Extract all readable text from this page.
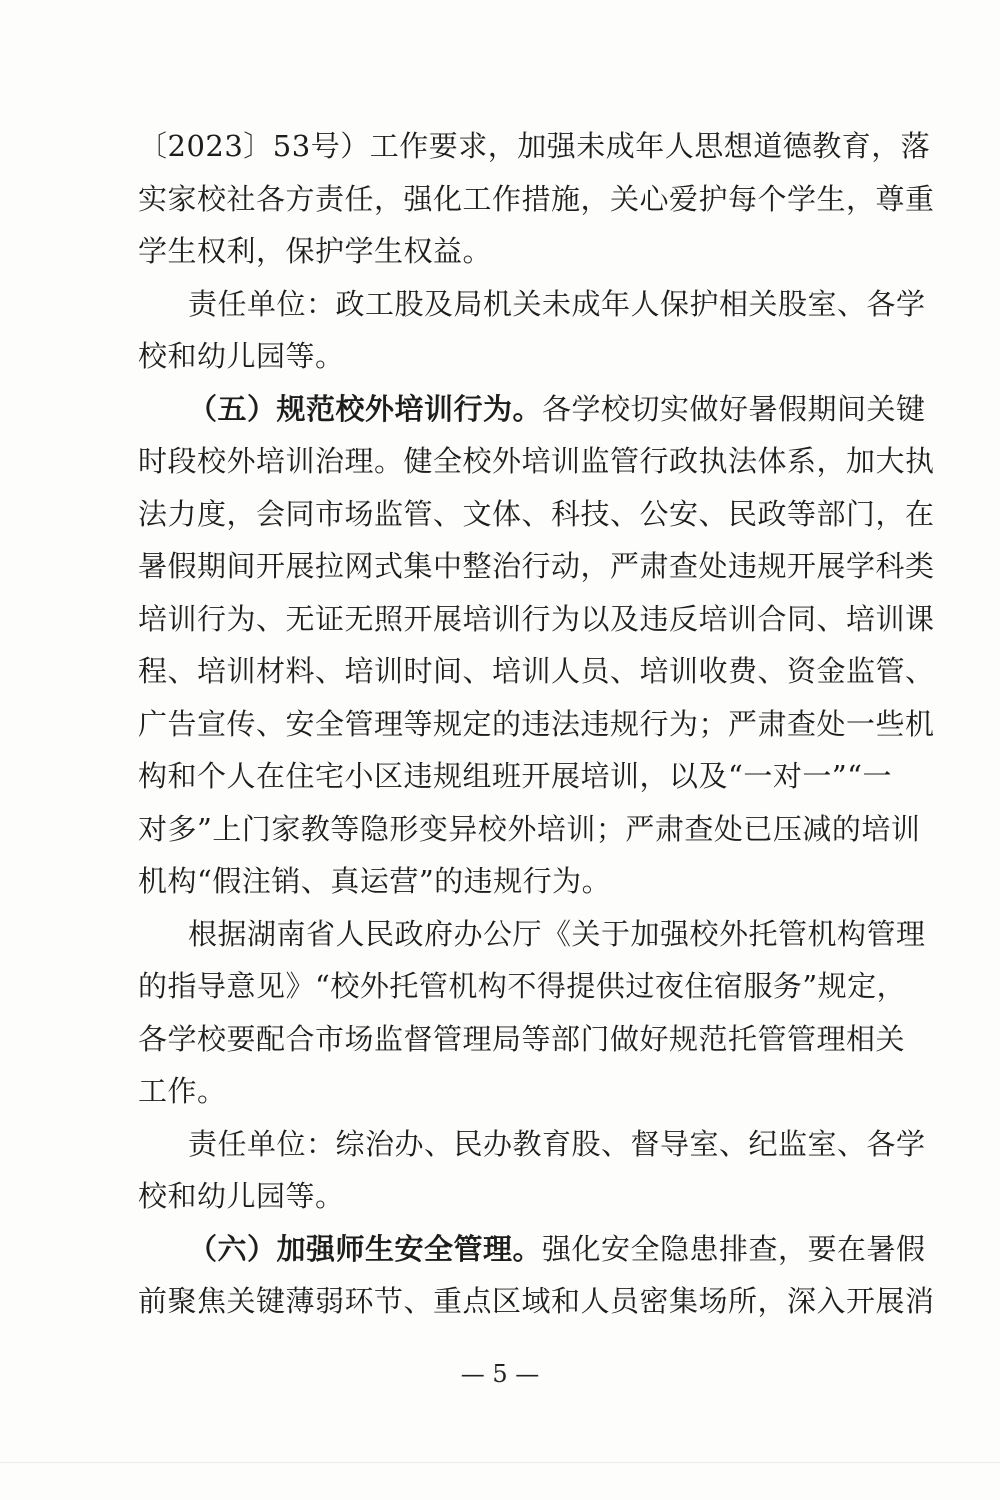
〔2023〕53号）工作要求，加强未成年人思想道德教育，落
实家校社各方责任，强化工作措施，关心爱护每个学生，尊重
学生权利，保护学生权益。
责任单位：政工股及局机关未成年人保护相关股室、各学
校和幼儿园等。
（五）规范校外培训行为。各学校切实做好暑假期间关键
时段校外培训治理。健全校外培训监管行政执法体系，加大执
法力度，会同市场监管、文体、科技、公安、民政等部门，在
暑假期间开展拉网式集中整治行动，严肃查处违规开展学科类
培训行为、无证无照开展培训行为以及违反培训合同、培训课
程、培训材料、培训时间、培训人员、培训收费、资金监管、
广告宣传、安全管理等规定的违法违规行为；严肃查处一些机
构和个人在住宅小区违规组班开展培训，以及“一对一”“一
对多”上门家教等隐形变异校外培训；严肃查处已压减的培训
机构“假注销、真运营”的违规行为。
根据湖南省人民政府办公厅《关于加强校外托管机构管理
的指导意见》“校外托管机构不得提供过夜住宿服务”规定，
各学校要配合市场监督管理局等部门做好规范托管管理相关
工作。
责任单位：综治办、民办教育股、督导室、纪监室、各学
校和幼儿园等。
（六）加强师生安全管理。强化安全隐患排查，要在暑假
前聚焦关键薄弱环节、重点区域和人员密集场所，深入开展消
— 5 —
